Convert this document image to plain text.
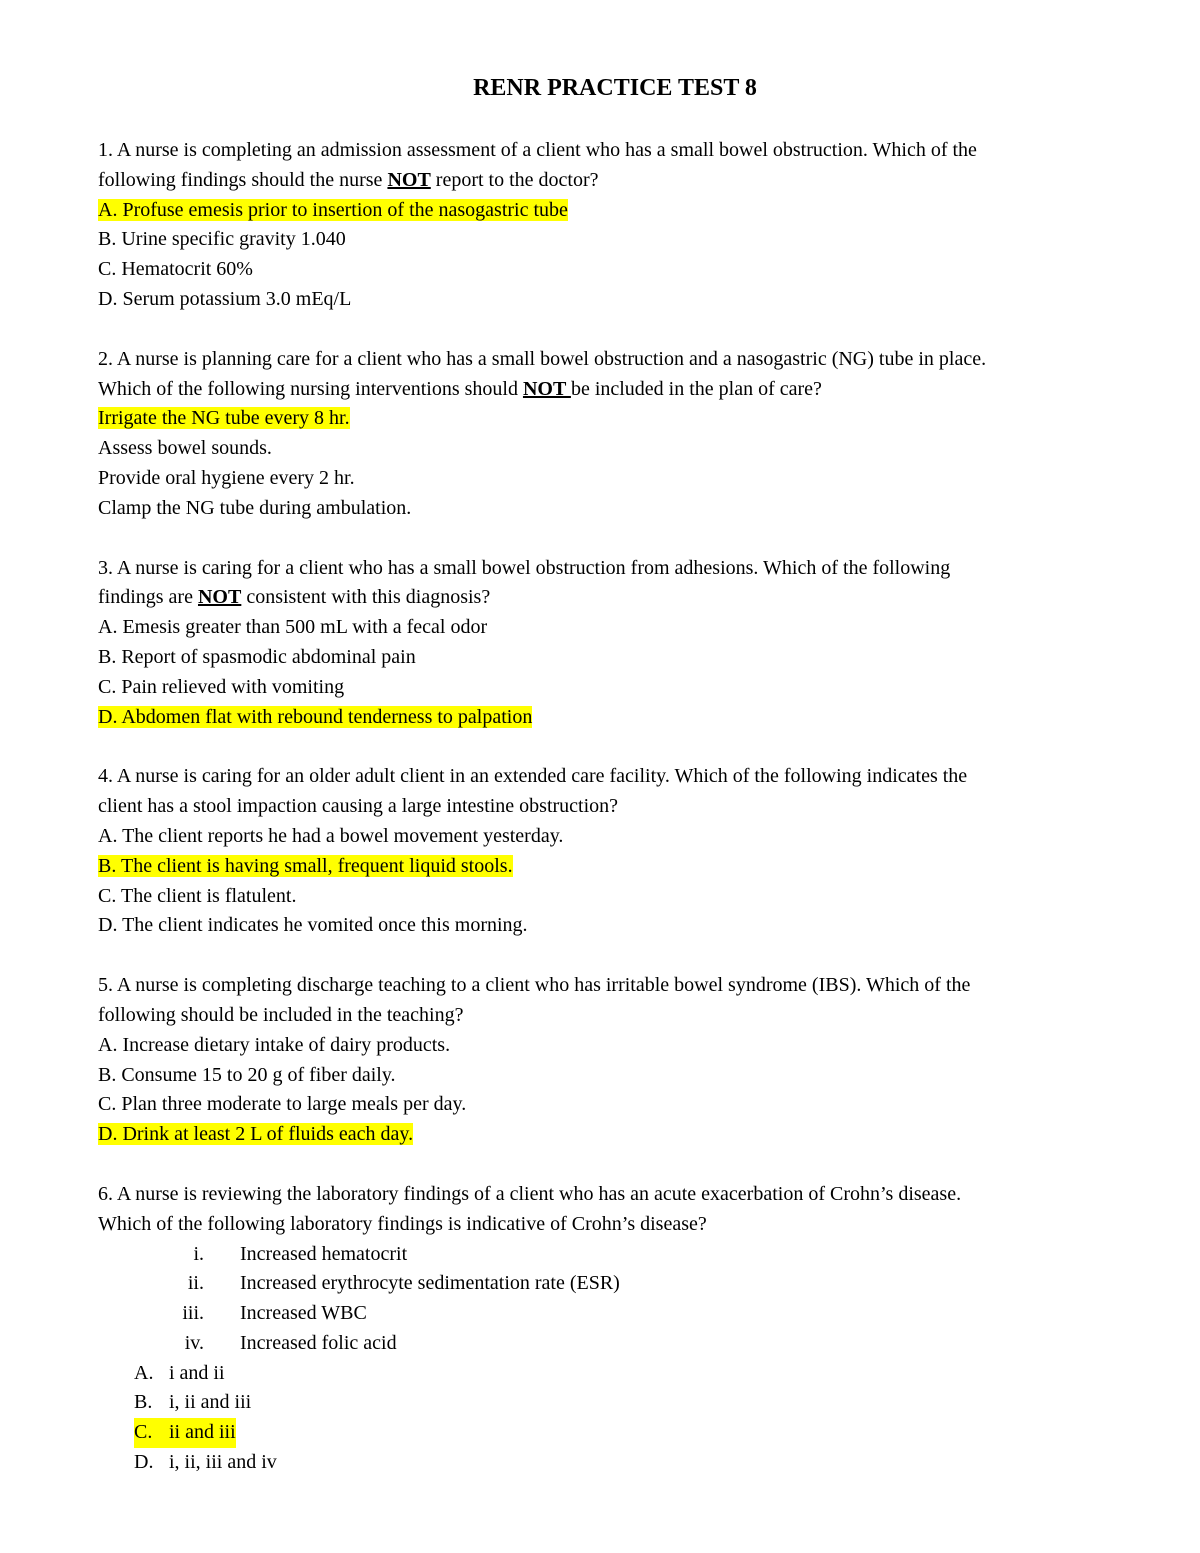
RENR PRACTICE TEST 8
1. A nurse is completing an admission assessment of a client who has a small bowel obstruction. Which of the
following findings should the nurse NOT report to the doctor?
A. Profuse emesis prior to insertion of the nasogastric tube
B. Urine specific gravity 1.040
C. Hematocrit 60%
D. Serum potassium 3.0 mEq/L
2. A nurse is planning care for a client who has a small bowel obstruction and a nasogastric (NG) tube in place.
Which of the following nursing interventions should NOT be included in the plan of care?
Irrigate the NG tube every 8 hr.
Assess bowel sounds.
Provide oral hygiene every 2 hr.
Clamp the NG tube during ambulation.
3. A nurse is caring for a client who has a small bowel obstruction from adhesions. Which of the following
findings are NOT consistent with this diagnosis?
A. Emesis greater than 500 mL with a fecal odor
B. Report of spasmodic abdominal pain
C. Pain relieved with vomiting
D. Abdomen flat with rebound tenderness to palpation
4. A nurse is caring for an older adult client in an extended care facility. Which of the following indicates the
client has a stool impaction causing a large intestine obstruction?
A. The client reports he had a bowel movement yesterday.
B. The client is having small, frequent liquid stools.
C. The client is flatulent.
D. The client indicates he vomited once this morning.
5. A nurse is completing discharge teaching to a client who has irritable bowel syndrome (IBS). Which of the
following should be included in the teaching?
A. Increase dietary intake of dairy products.
B. Consume 15 to 20 g of fiber daily.
C. Plan three moderate to large meals per day.
D. Drink at least 2 L of fluids each day.
6. A nurse is reviewing the laboratory findings of a client who has an acute exacerbation of Crohn’s disease.
Which of the following laboratory findings is indicative of Crohn’s disease?
i.	Increased hematocrit
ii.	Increased erythrocyte sedimentation rate (ESR)
iii.	Increased WBC
iv.	Increased folic acid
A. i and ii
B. i, ii and iii
C. ii and iii
D. i, ii, iii and iv
